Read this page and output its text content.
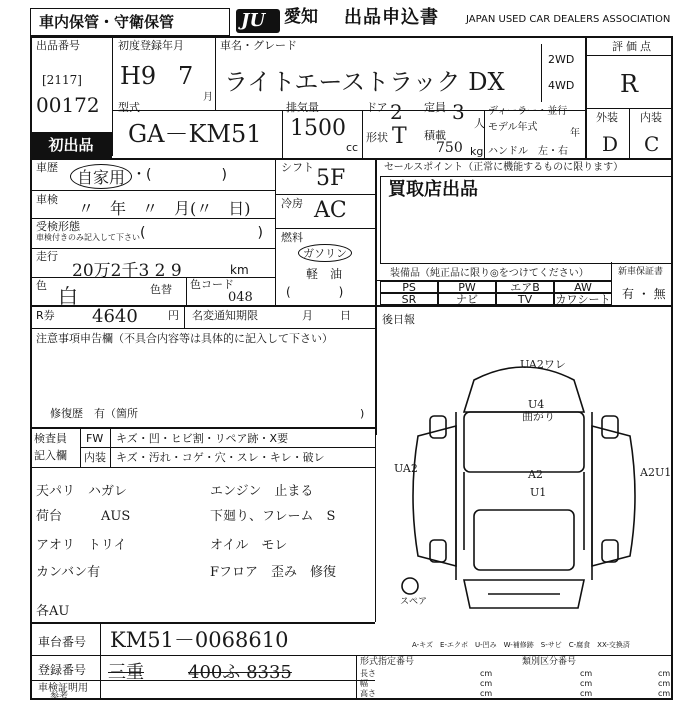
車内保管・守衛保管	JU 愛知 出品申込書	JAPAN USED CAR DEALERS ASSOCIATION
出品番号
[2117]
00172
初出品
初度登録年月
H9 7
月
車名・グレード
ライトエーストラック DX
2WD
4WD
評価点
R
外装 内装
D C
型式
GA－KM51
排気量
1500
cc
ドア 2 定員 3 人
形状 T 積載
750 kg
ディーラー・並行
モデル年式
年
ハンドル　左・右
車歴
自家用 ・(　　　　　)
車検 〃　年　〃　月(〃　日)
受検形態
車検付きのみ記入して下さい (　　　　　　　　)
走行
20万2千3 2 9	km
色 白	色替 色コード
048
シフト 5F
冷房 AC
燃料
ガソリン
軽　油
(　　　　)
セールスポイント（正常に機能するものに限ります）
買取店出品
装備品（純正品に限り◎をつけてください）	新車保証書
有 ・ 無
PS	PW	エアB	AW
SR	ナビ	TV	カワシート
R券 4640	円 名変通知期限	月 日	後日報
注意事項申告欄（不具合内容等は具体的に記入して下さい）
修復歴　有（箇所	)
検査員
記入欄
FW キズ・凹・ヒビ割・リペア跡・X要
内装 キズ・汚れ・コゲ・穴・スレ・キレ・破レ
天パリ　ハガレ
荷台　　　AUS
アオリ　トリイ
カンバン有
各AU
エンジン　止まる
下廻り、フレーム　S
オイル　モレ
Fフロア　歪み　修復
UA2ワレ
U4
曲がり
UA2	A2
U1
A2U1
スペア
A-キズ　E-エクボ　U-凹み　W-補修跡　S-サビ　C-腐食　XX-交換済
車台番号 KM51－0068610
登録番号 三重 400ふ 8335
車検証明用
参考
形式指定番号	類別区分番号
長さ	cm	cm	cm
幅	cm	cm	cm
高さ	cm	cm	cm
